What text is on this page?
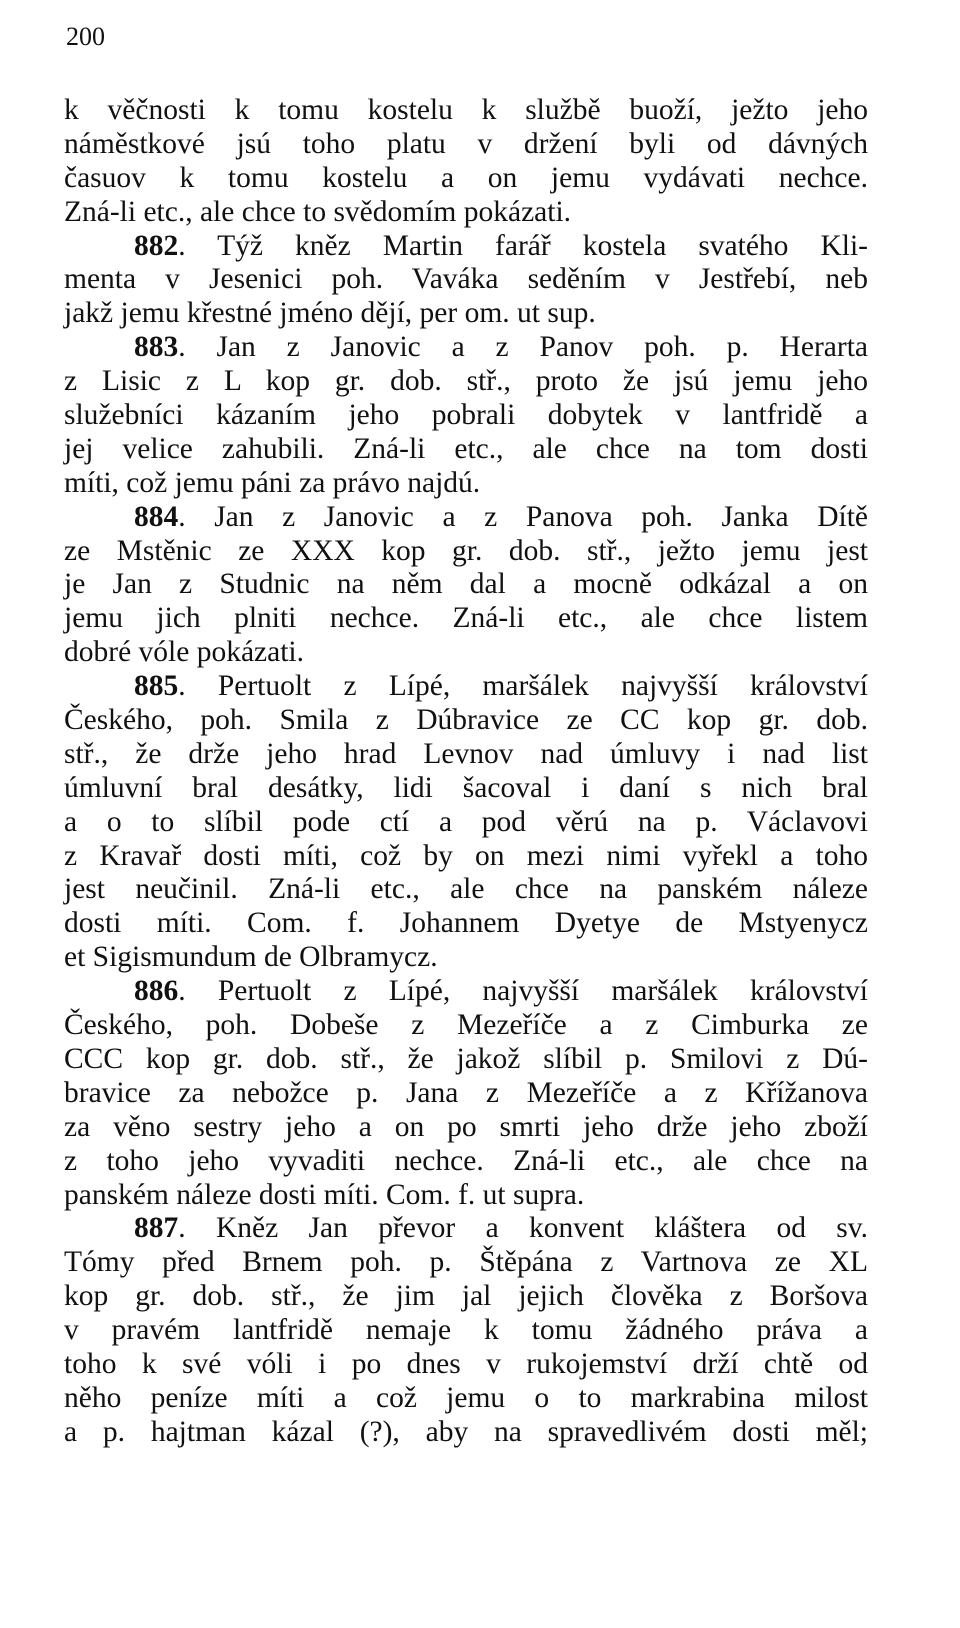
200
k věčnosti k tomu kostelu k službě buoží, ježto jeho
náměstkové jsú toho platu v držení byli od dávných
časuov k tomu kostelu a on jemu vydávati nechce.
Zná-li etc., ale chce to svědomím pokázati.
882. Týž kněz Martin farář kostela svatého Kli-
menta v Jesenici poh. Vaváka seděním v Jestřebí, neb
jakž jemu křestné jméno dějí, per om. ut sup.
883. Jan z Janovic a z Panov poh. p. Herarta
z Lisic z L kop gr. dob. stř., proto že jsú jemu jeho
služebníci kázaním jeho pobrali dobytek v lantfridě a
jej velice zahubili. Zná-li etc., ale chce na tom dosti
míti, což jemu páni za právo najdú.
884. Jan z Janovic a z Panova poh. Janka Dítě
ze Mstěnic ze XXX kop gr. dob. stř., ježto jemu jest
je Jan z Studnic na něm dal a mocně odkázal a on
jemu jich plniti nechce. Zná-li etc., ale chce listem
dobré vóle pokázati.
885. Pertuolt z Lípé, maršálek najvyšší království
Českého, poh. Smila z Dúbravice ze CC kop gr. dob.
stř., že drže jeho hrad Levnov nad úmluvy i nad list
úmluvní bral desátky, lidi šacoval i daní s nich bral
a o to slíbil pode ctí a pod věrú na p. Václavovi
z Kravař dosti míti, což by on mezi nimi vyřekl a toho
jest neučinil. Zná-li etc., ale chce na panském náleze
dosti míti. Com. f. Johannem Dyetye de Mstyenycz
et Sigismundum de Olbramycz.
886. Pertuolt z Lípé, najvyšší maršálek království
Českého, poh. Dobeše z Mezeříče a z Cimburka ze
CCC kop gr. dob. stř., že jakož slíbil p. Smilovi z Dú-
bravice za nebožce p. Jana z Mezeříče a z Křížanova
za věno sestry jeho a on po smrti jeho drže jeho zboží
z toho jeho vyvaditi nechce. Zná-li etc., ale chce na
panském náleze dosti míti. Com. f. ut supra.
887. Kněz Jan převor a konvent kláštera od sv.
Tómy před Brnem poh. p. Štěpána z Vartnova ze XL
kop gr. dob. stř., že jim jal jejich člověka z Boršova
v pravém lantfridě nemaje k tomu žádného práva a
toho k své vóli i po dnes v rukojemství drží chtě od
něho peníze míti a což jemu o to markrabina milost
a p. hajtman kázal (?), aby na spravedlivém dosti měl;
